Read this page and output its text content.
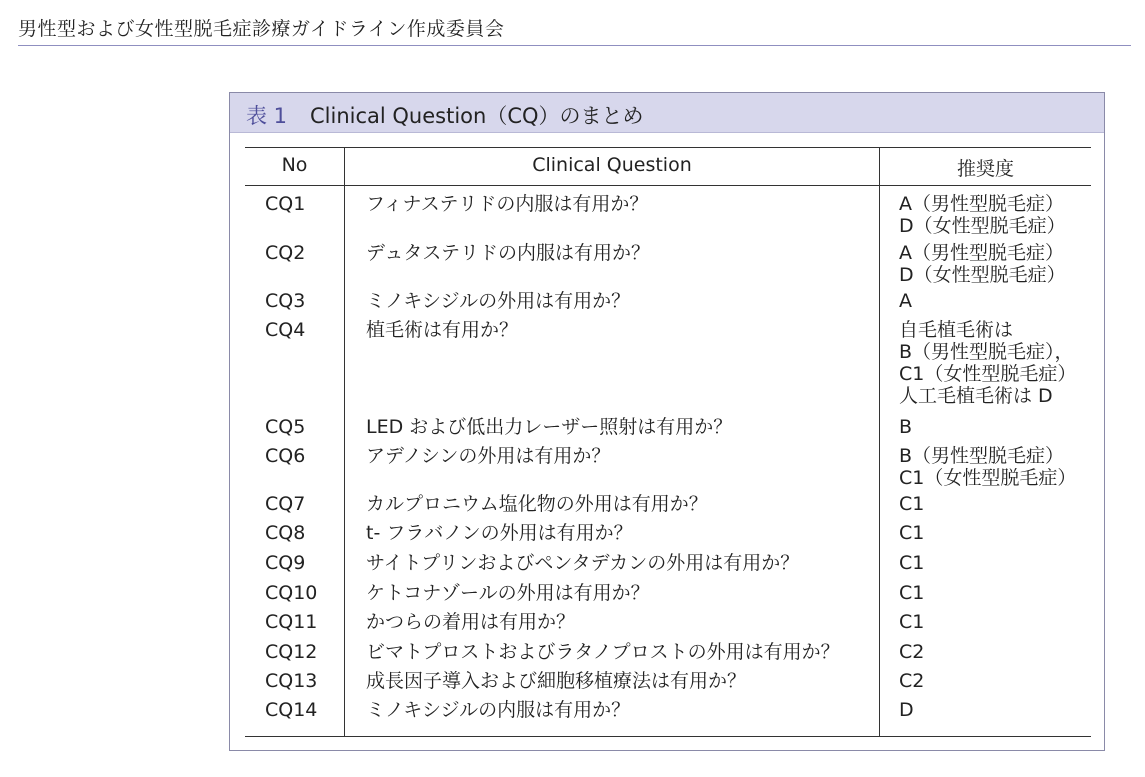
男性型および女性型脱毛症診療ガイドライン作成委員会
表 1 Clinical Question（CQ）のまとめ
No	Clinical Question	推奨度
CQ1	フィナステリドの内服は有用か？	A（男性型脱毛症）
D（女性型脱毛症）
CQ2	デュタステリドの内服は有用か？	A（男性型脱毛症）
D（女性型脱毛症）
CQ3	ミノキシジルの外用は有用か？	A
CQ4	植毛術は有用か？	自毛植毛術は
B（男性型脱毛症），
C1（女性型脱毛症）
人工毛植毛術は D
CQ5	LED および低出力レーザー照射は有用か？	B
CQ6	アデノシンの外用は有用か？	B（男性型脱毛症）
C1（女性型脱毛症）
CQ7	カルプロニウム塩化物の外用は有用か？	C1
CQ8	t- フラバノンの外用は有用か？	C1
CQ9	サイトプリンおよびペンタデカンの外用は有用か？	C1
CQ10	ケトコナゾールの外用は有用か？	C1
CQ11	かつらの着用は有用か？	C1
CQ12	ビマトプロストおよびラタノプロストの外用は有用か？	C2
CQ13	成長因子導入および細胞移植療法は有用か？	C2
CQ14	ミノキシジルの内服は有用か？	D
